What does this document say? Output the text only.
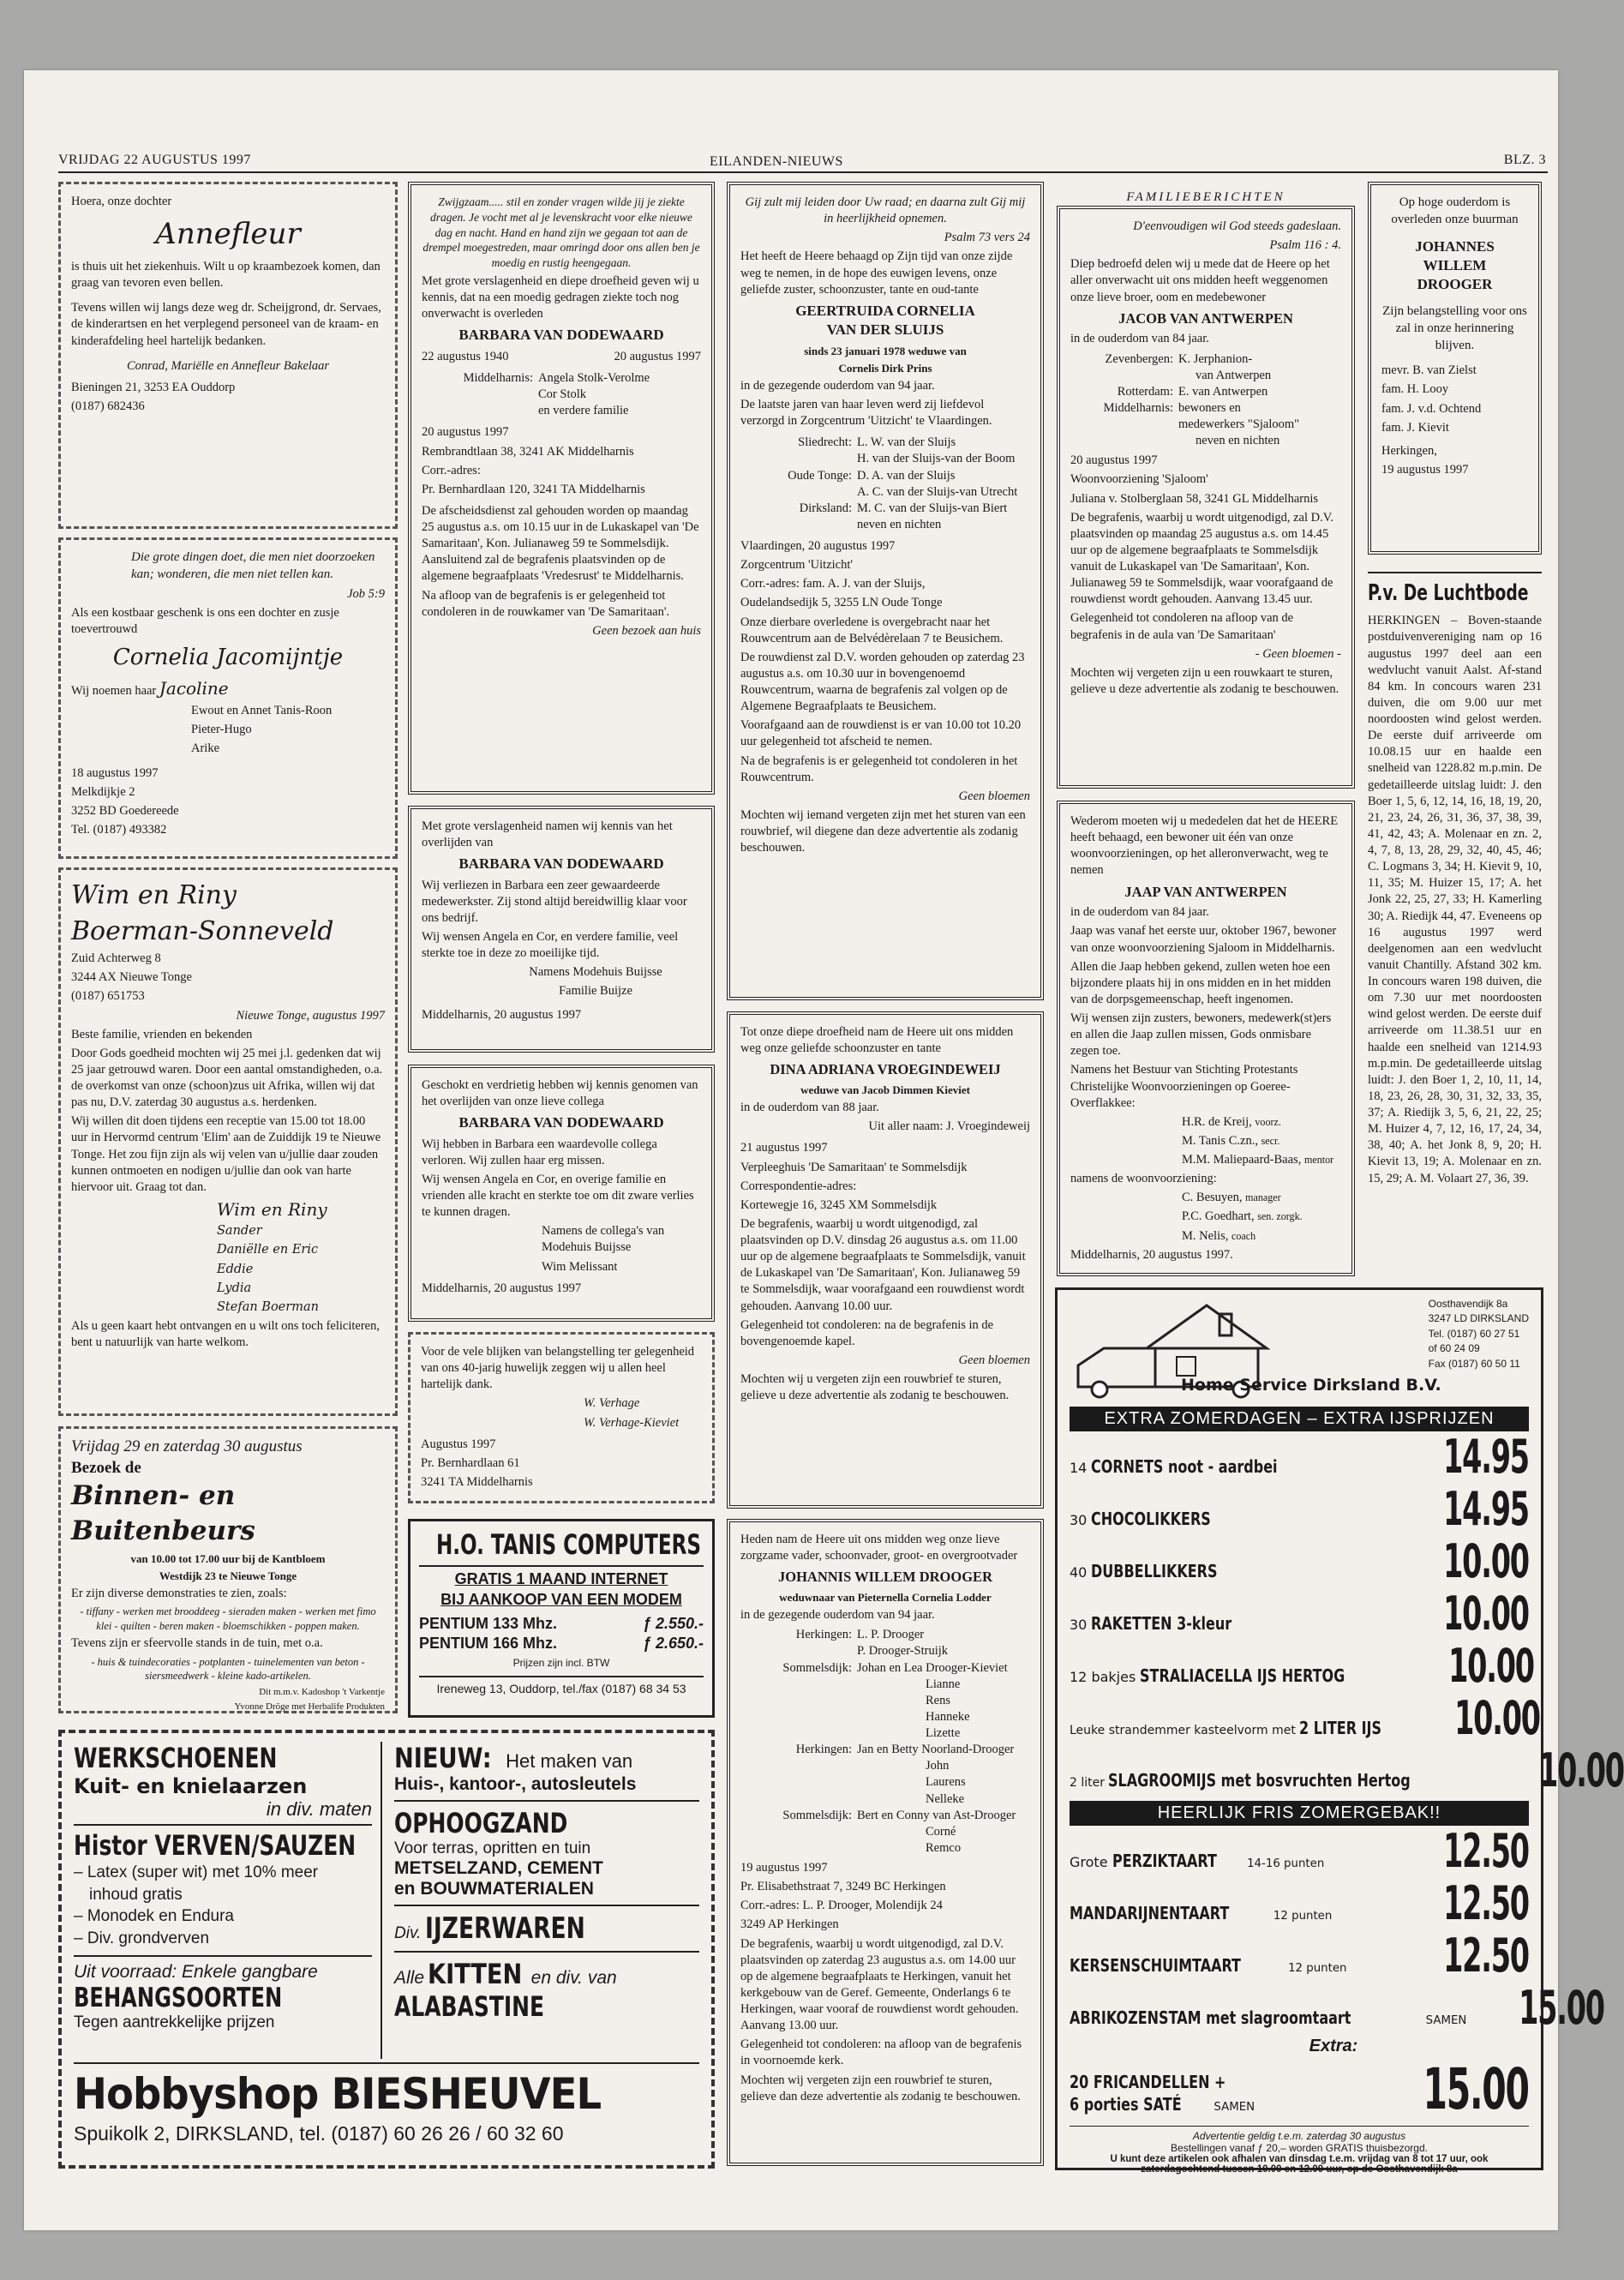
VRIJDAG 22 AUGUSTUS 1997	EILANDEN-NIEUWS	BLZ. 3

Hoera, onze dochter

Annefleur

is thuis uit het ziekenhuis. Wilt u op kraambezoek komen, dan graag van tevoren even bellen.

Tevens willen wij langs deze weg dr. Scheijgrond, dr. Servaes, de kinderartsen en het verplegend personeel van de kraam- en kinderafdeling heel hartelijk bedanken.

Conrad, Mariëlle en Annefleur Bakelaar

Bieningen 21, 3253 EA Ouddorp

(0187) 682436

Die grote dingen doet, die men niet doorzoeken kan; wonderen, die men niet tellen kan.

Job 5:9

Als een kostbaar geschenk is ons een dochter en zusje toevertrouwd

Cornelia Jacomijntje

Wij noemen haar Jacoline

Ewout en Annet Tanis-Roon

Pieter-Hugo

Arike

18 augustus 1997

Melkdijkje 2

3252 BD Goedereede

Tel. (0187) 493382

Wim en Riny
Boerman-Sonneveld

Zuid Achterweg 8

3244 AX Nieuwe Tonge

(0187) 651753

Nieuwe Tonge, augustus 1997

Beste familie, vrienden en bekenden

Door Gods goedheid mochten wij 25 mei j.l. gedenken dat wij 25 jaar getrouwd waren. Door een aantal omstandigheden, o.a. de overkomst van onze (schoon)zus uit Afrika, willen wij dat pas nu, D.V. zaterdag 30 augustus a.s. herdenken.

Wij willen dit doen tijdens een receptie van 15.00 tot 18.00 uur in Hervormd centrum 'Elim' aan de Zuiddijk 19 te Nieuwe Tonge. Het zou fijn zijn als wij velen van u/jullie daar zouden kunnen ontmoeten en nodigen u/jullie dan ook van harte hiervoor uit. Graag tot dan.

Wim en Riny

Sander

Daniëlle en Eric

Eddie

Lydia

Stefan Boerman

Als u geen kaart hebt ontvangen en u wilt ons toch feliciteren, bent u natuurlijk van harte welkom.

Vrijdag 29 en zaterdag 30 augustus
Bezoek de
Binnen- en Buitenbeurs

van 10.00 tot 17.00 uur bij de Kantbloem

Westdijk 23 te Nieuwe Tonge

Er zijn diverse demonstraties te zien, zoals:

- tiffany - werken met brooddeeg - sieraden maken - werken met fimo klei - quilten - beren maken - bloemschikken - poppen maken.

Tevens zijn er sfeervolle stands in de tuin, met o.a.

- huis & tuindecoraties - potplanten - tuinelementen van beton - siersmeedwerk - kleine kado-artikelen.

Dit m.m.v. Kadoshop 't Varkentje

Yvonne Dröge met Herbalife Produkten

Zwijgzaam..... stil en zonder vragen wilde jij je ziekte dragen. Je vocht met al je levenskracht voor elke nieuwe dag en nacht. Hand en hand zijn we gegaan tot aan de drempel moegestreden, maar omringd door ons allen ben je moedig en rustig heengegaan.

Met grote verslagenheid en diepe droefheid geven wij u kennis, dat na een moedig gedragen ziekte toch nog onverwacht is overleden

BARBARA VAN DODEWAARD
22 augustus 1940	20 augustus 1997
Middelharnis: Angela Stolk-Verolme
Cor Stolk
en verdere familie

20 augustus 1997

Rembrandtlaan 38, 3241 AK Middelharnis

Corr.-adres:

Pr. Bernhardlaan 120, 3241 TA Middelharnis

De afscheidsdienst zal gehouden worden op maandag 25 augustus a.s. om 10.15 uur in de Lukaskapel van 'De Samaritaan', Kon. Julianaweg 59 te Sommelsdijk. Aansluitend zal de begrafenis plaatsvinden op de algemene begraafplaats 'Vredesrust' te Middelharnis.

Na afloop van de begrafenis is er gelegenheid tot condoleren in de rouwkamer van 'De Samaritaan'.

Geen bezoek aan huis

Met grote verslagenheid namen wij kennis van het overlijden van

BARBARA VAN DODEWAARD

Wij verliezen in Barbara een zeer gewaardeerde medewerkster. Zij stond altijd bereidwillig klaar voor ons bedrijf.

Wij wensen Angela en Cor, en verdere familie, veel sterkte toe in deze zo moeilijke tijd.

Namens Modehuis Buijsse

Familie Buijze

Middelharnis, 20 augustus 1997

Geschokt en verdrietig hebben wij kennis genomen van het overlijden van onze lieve collega

BARBARA VAN DODEWAARD

Wij hebben in Barbara een waardevolle collega verloren. Wij zullen haar erg missen.

Wij wensen Angela en Cor, en overige familie en vrienden alle kracht en sterkte toe om dit zware verlies te kunnen dragen.

Namens de collega's van Modehuis Buijsse

Wim Melissant

Middelharnis, 20 augustus 1997

Voor de vele blijken van belangstelling ter gelegenheid van ons 40-jarig huwelijk zeggen wij u allen heel hartelijk dank.

W. Verhage

W. Verhage-Kieviet

Augustus 1997

Pr. Bernhardlaan 61

3241 TA Middelharnis

H.O. TANIS COMPUTERS
GRATIS 1 MAAND INTERNET
BIJ AANKOOP VAN EEN MODEM
PENTIUM 133 Mhz.	ƒ 2.550.-
PENTIUM 166 Mhz.	ƒ 2.650.-
Prijzen zijn incl. BTW
Ireneweg 13, Ouddorp, tel./fax (0187) 68 34 53

Gij zult mij leiden door Uw raad; en daarna zult Gij mij in heerlijkheid opnemen.

Psalm 73 vers 24

Het heeft de Heere behaagd op Zijn tijd van onze zijde weg te nemen, in de hope des euwigen levens, onze geliefde zuster, schoonzuster, tante en oud-tante

GEERTRUIDA CORNELIA
VAN DER SLUIJS

sinds 23 januari 1978 weduwe van

Cornelis Dirk Prins

in de gezegende ouderdom van 94 jaar.

De laatste jaren van haar leven werd zij liefdevol verzorgd in Zorgcentrum 'Uitzicht' te Vlaardingen.

Sliedrecht: L. W. van der Sluijs
H. van der Sluijs-van der Boom
Oude Tonge: D. A. van der Sluijs
A. C. van der Sluijs-van Utrecht
Dirksland: M. C. van der Sluijs-van Biert
neven en nichten

Vlaardingen, 20 augustus 1997

Zorgcentrum 'Uitzicht'

Corr.-adres: fam. A. J. van der Sluijs,

Oudelandsedijk 5, 3255 LN Oude Tonge

Onze dierbare overledene is overgebracht naar het Rouwcentrum aan de Belvédèrelaan 7 te Beusichem.

De rouwdienst zal D.V. worden gehouden op zaterdag 23 augustus a.s. om 10.30 uur in bovengenoemd Rouwcentrum, waarna de begrafenis zal volgen op de Algemene Begraafplaats te Beusichem.

Voorafgaand aan de rouwdienst is er van 10.00 tot 10.20 uur gelegenheid tot afscheid te nemen.

Na de begrafenis is er gelegenheid tot condoleren in het Rouwcentrum.

Geen bloemen

Mochten wij iemand vergeten zijn met het sturen van een rouwbrief, wil diegene dan deze advertentie als zodanig beschouwen.

Tot onze diepe droefheid nam de Heere uit ons midden weg onze geliefde schoonzuster en tante

DINA ADRIANA VROEGINDEWEIJ

weduwe van Jacob Dimmen Kieviet

in de ouderdom van 88 jaar.

Uit aller naam: J. Vroegindeweij

21 augustus 1997

Verpleeghuis 'De Samaritaan' te Sommelsdijk

Correspondentie-adres:

Kortewegje 16, 3245 XM Sommelsdijk

De begrafenis, waarbij u wordt uitgenodigd, zal plaatsvinden op D.V. dinsdag 26 augustus a.s. om 11.00 uur op de algemene begraafplaats te Sommelsdijk, vanuit de Lukaskapel van 'De Samaritaan', Kon. Julianaweg 59 te Sommelsdijk, waar voorafgaand een rouwdienst wordt gehouden. Aanvang 10.00 uur.

Gelegenheid tot condoleren: na de begrafenis in de bovengenoemde kapel.

Geen bloemen

Mochten wij u vergeten zijn een rouwbrief te sturen, gelieve u deze advertentie als zodanig te beschouwen.

Heden nam de Heere uit ons midden weg onze lieve zorgzame vader, schoonvader, groot- en overgrootvader

JOHANNIS WILLEM DROOGER

weduwnaar van Pieternella Cornelia Lodder

in de gezegende ouderdom van 94 jaar.

Herkingen: L. P. Drooger
P. Drooger-Struijk
Sommelsdijk: Johan en Lea Drooger-Kieviet
Lianne
Rens
Hanneke
Lizette
Herkingen: Jan en Betty Noorland-Drooger
John
Laurens
Nelleke
Sommelsdijk: Bert en Conny van Ast-Drooger
Corné
Remco

19 augustus 1997

Pr. Elisabethstraat 7, 3249 BC Herkingen

Corr.-adres: L. P. Drooger, Molendijk 24

3249 AP Herkingen

De begrafenis, waarbij u wordt uitgenodigd, zal D.V. plaatsvinden op zaterdag 23 augustus a.s. om 14.00 uur op de algemene begraafplaats te Herkingen, vanuit het kerkgebouw van de Geref. Gemeente, Onderlangs 6 te Herkingen, waar vooraf de rouwdienst wordt gehouden. Aanvang 13.00 uur.

Gelegenheid tot condoleren: na afloop van de begrafenis in voornoemde kerk.

Mochten wij vergeten zijn een rouwbrief te sturen, gelieve dan deze advertentie als zodanig te beschouwen.

FAMILIEBERICHTEN

D'eenvoudigen wil God steeds gadeslaan.

Psalm 116 : 4.

Diep bedroefd delen wij u mede dat de Heere op het aller onverwacht uit ons midden heeft weggenomen onze lieve broer, oom en medebewoner

JACOB VAN ANTWERPEN

in de ouderdom van 84 jaar.

Zevenbergen: K. Jerphanion-
van Antwerpen
Rotterdam: E. van Antwerpen
Middelharnis: bewoners en
medewerkers "Sjaloom"
neven en nichten

20 augustus 1997

Woonvoorziening 'Sjaloom'

Juliana v. Stolberglaan 58, 3241 GL Middelharnis

De begrafenis, waarbij u wordt uitgenodigd, zal D.V. plaatsvinden op maandag 25 augustus a.s. om 14.45 uur op de algemene begraafplaats te Sommelsdijk vanuit de Lukaskapel van 'De Samaritaan', Kon. Julianaweg 59 te Sommelsdijk, waar voorafgaand de rouwdienst wordt gehouden. Aanvang 13.45 uur.

Gelegenheid tot condoleren na afloop van de begrafenis in de aula van 'De Samaritaan'

- Geen bloemen -

Mochten wij vergeten zijn u een rouwkaart te sturen, gelieve u deze advertentie als zodanig te beschouwen.

Wederom moeten wij u mededelen dat het de HEERE heeft behaagd, een bewoner uit één van onze woonvoorzieningen, op het alleronverwacht, weg te nemen

JAAP VAN ANTWERPEN

in de ouderdom van 84 jaar.

Jaap was vanaf het eerste uur, oktober 1967, bewoner van onze woonvoorziening Sjaloom in Middelharnis.

Allen die Jaap hebben gekend, zullen weten hoe een bijzondere plaats hij in ons midden en in het midden van de dorpsgemeenschap, heeft ingenomen.

Wij wensen zijn zusters, bewoners, medewerk(st)ers en allen die Jaap zullen missen, Gods onmisbare zegen toe.

Namens het Bestuur van Stichting Protestants Christelijke Woonvoorzieningen op Goeree-Overflakkee:

H.R. de Kreij, voorz.

M. Tanis C.zn., secr.

M.M. Maliepaard-Baas, mentor

namens de woonvoorziening:

C. Besuyen, manager

P.C. Goedhart, sen. zorgk.

M. Nelis, coach

Middelharnis, 20 augustus 1997.

Home Service Dirksland B.V.
Oosthavendijk 8a
3247 LD DIRKSLAND
Tel. (0187) 60 27 51
of 60 24 09
Fax (0187) 60 50 11
EXTRA ZOMERDAGEN – EXTRA IJSPRIJZEN
14 CORNETS noot - aardbei	14.95
30 CHOCOLIKKERS	14.95
40 DUBBELLIKKERS	10.00
30 RAKETTEN 3-kleur	10.00
12 bakjes STRALIACELLA IJS HERTOG	10.00
Leuke strandemmer kasteelvorm met 2 LITER IJS	10.00
2 liter SLAGROOMIJS met bosvruchten Hertog	10.00
HEERLIJK FRIS ZOMERGEBAK!!
Grote PERZIKTAART	14-16 punten	12.50
MANDARIJNENTAART	12 punten 12.50
KERSENSCHUIMTAART	12 punten 12.50
ABRIKOZENSTAM met slagroomtaart	SAMEN 15.00
Extra:
20 FRICANDELLEN +
6 porties SATÉ	SAMEN	15.00
Advertentie geldig t.e.m. zaterdag 30 augustus
Bestellingen vanaf ƒ 20,– worden GRATIS thuisbezorgd.
U kunt deze artikelen ook afhalen van dinsdag t.e.m. vrijdag van 8 tot 17 uur, ook zaterdagochtend tussen 10.00 en 12.00 uur, op de Oosthavendijk 8a

Op hoge ouderdom is overleden onze buurman

JOHANNES

WILLEM

DROOGER

Zijn belangstelling voor ons zal in onze herinnering blijven.

mevr. B. van Zielst

fam. H. Looy

fam. J. v.d. Ochtend

fam. J. Kievit

Herkingen,

19 augustus 1997

P.v. De Luchtbode

HERKINGEN – Boven-staande postduivenvereniging nam op 16 augustus 1997 deel aan een wedvlucht vanuit Aalst. Af-stand 84 km. In concours waren 231 duiven, die om 9.00 uur met noordoosten wind gelost werden. De eerste duif arriveerde om 10.08.15 uur en haalde een snelheid van 1228.82 m.p.min. De gedetailleerde uitslag luidt: J. den Boer 1, 5, 6, 12, 14, 16, 18, 19, 20, 21, 23, 24, 26, 31, 36, 37, 38, 39, 41, 42, 43; A. Molenaar en zn. 2, 4, 7, 8, 13, 28, 29, 32, 40, 45, 46; C. Logmans 3, 34; H. Kievit 9, 10, 11, 35; M. Huizer 15, 17; A. het Jonk 22, 25, 27, 33; H. Kamerling 30; A. Riedijk 44, 47. Eveneens op 16 augustus 1997 werd deelgenomen aan een wedvlucht vanuit Chantilly. Afstand 302 km. In concours waren 198 duiven, die om 7.30 uur met noordoosten wind gelost werden. De eerste duif arriveerde om 11.38.51 uur en haalde een snelheid van 1214.93 m.p.min. De gedetailleerde uitslag luidt: J. den Boer 1, 2, 10, 11, 14, 18, 23, 26, 28, 30, 31, 32, 33, 35, 37; A. Riedijk 3, 5, 6, 21, 22, 25; M. Huizer 4, 7, 12, 16, 17, 24, 34, 38, 40; A. het Jonk 8, 9, 20; H. Kievit 13, 19; A. Molenaar en zn. 15, 29; A. M. Volaart 27, 36, 39.

WERKSCHOENEN
Kuit- en knielaarzen
in div. maten
Histor VERVEN/SAUZEN
– Latex (super wit) met 10% meer
inhoud gratis
– Monodek en Endura
– Div. grondverven
Uit voorraad: Enkele gangbare
BEHANGSOORTEN
Tegen aantrekkelijke prijzen
NIEUW: Het maken van
Huis-, kantoor-, autosleutels
OPHOOGZAND
Voor terras, opritten en tuin
METSELZAND, CEMENT
en BOUWMATERIALEN
Div. IJZERWAREN
Alle KITTEN en div. van
ALABASTINE
Hobbyshop BIESHEUVEL
Spuikolk 2, DIRKSLAND, tel. (0187) 60 26 26 / 60 32 60
